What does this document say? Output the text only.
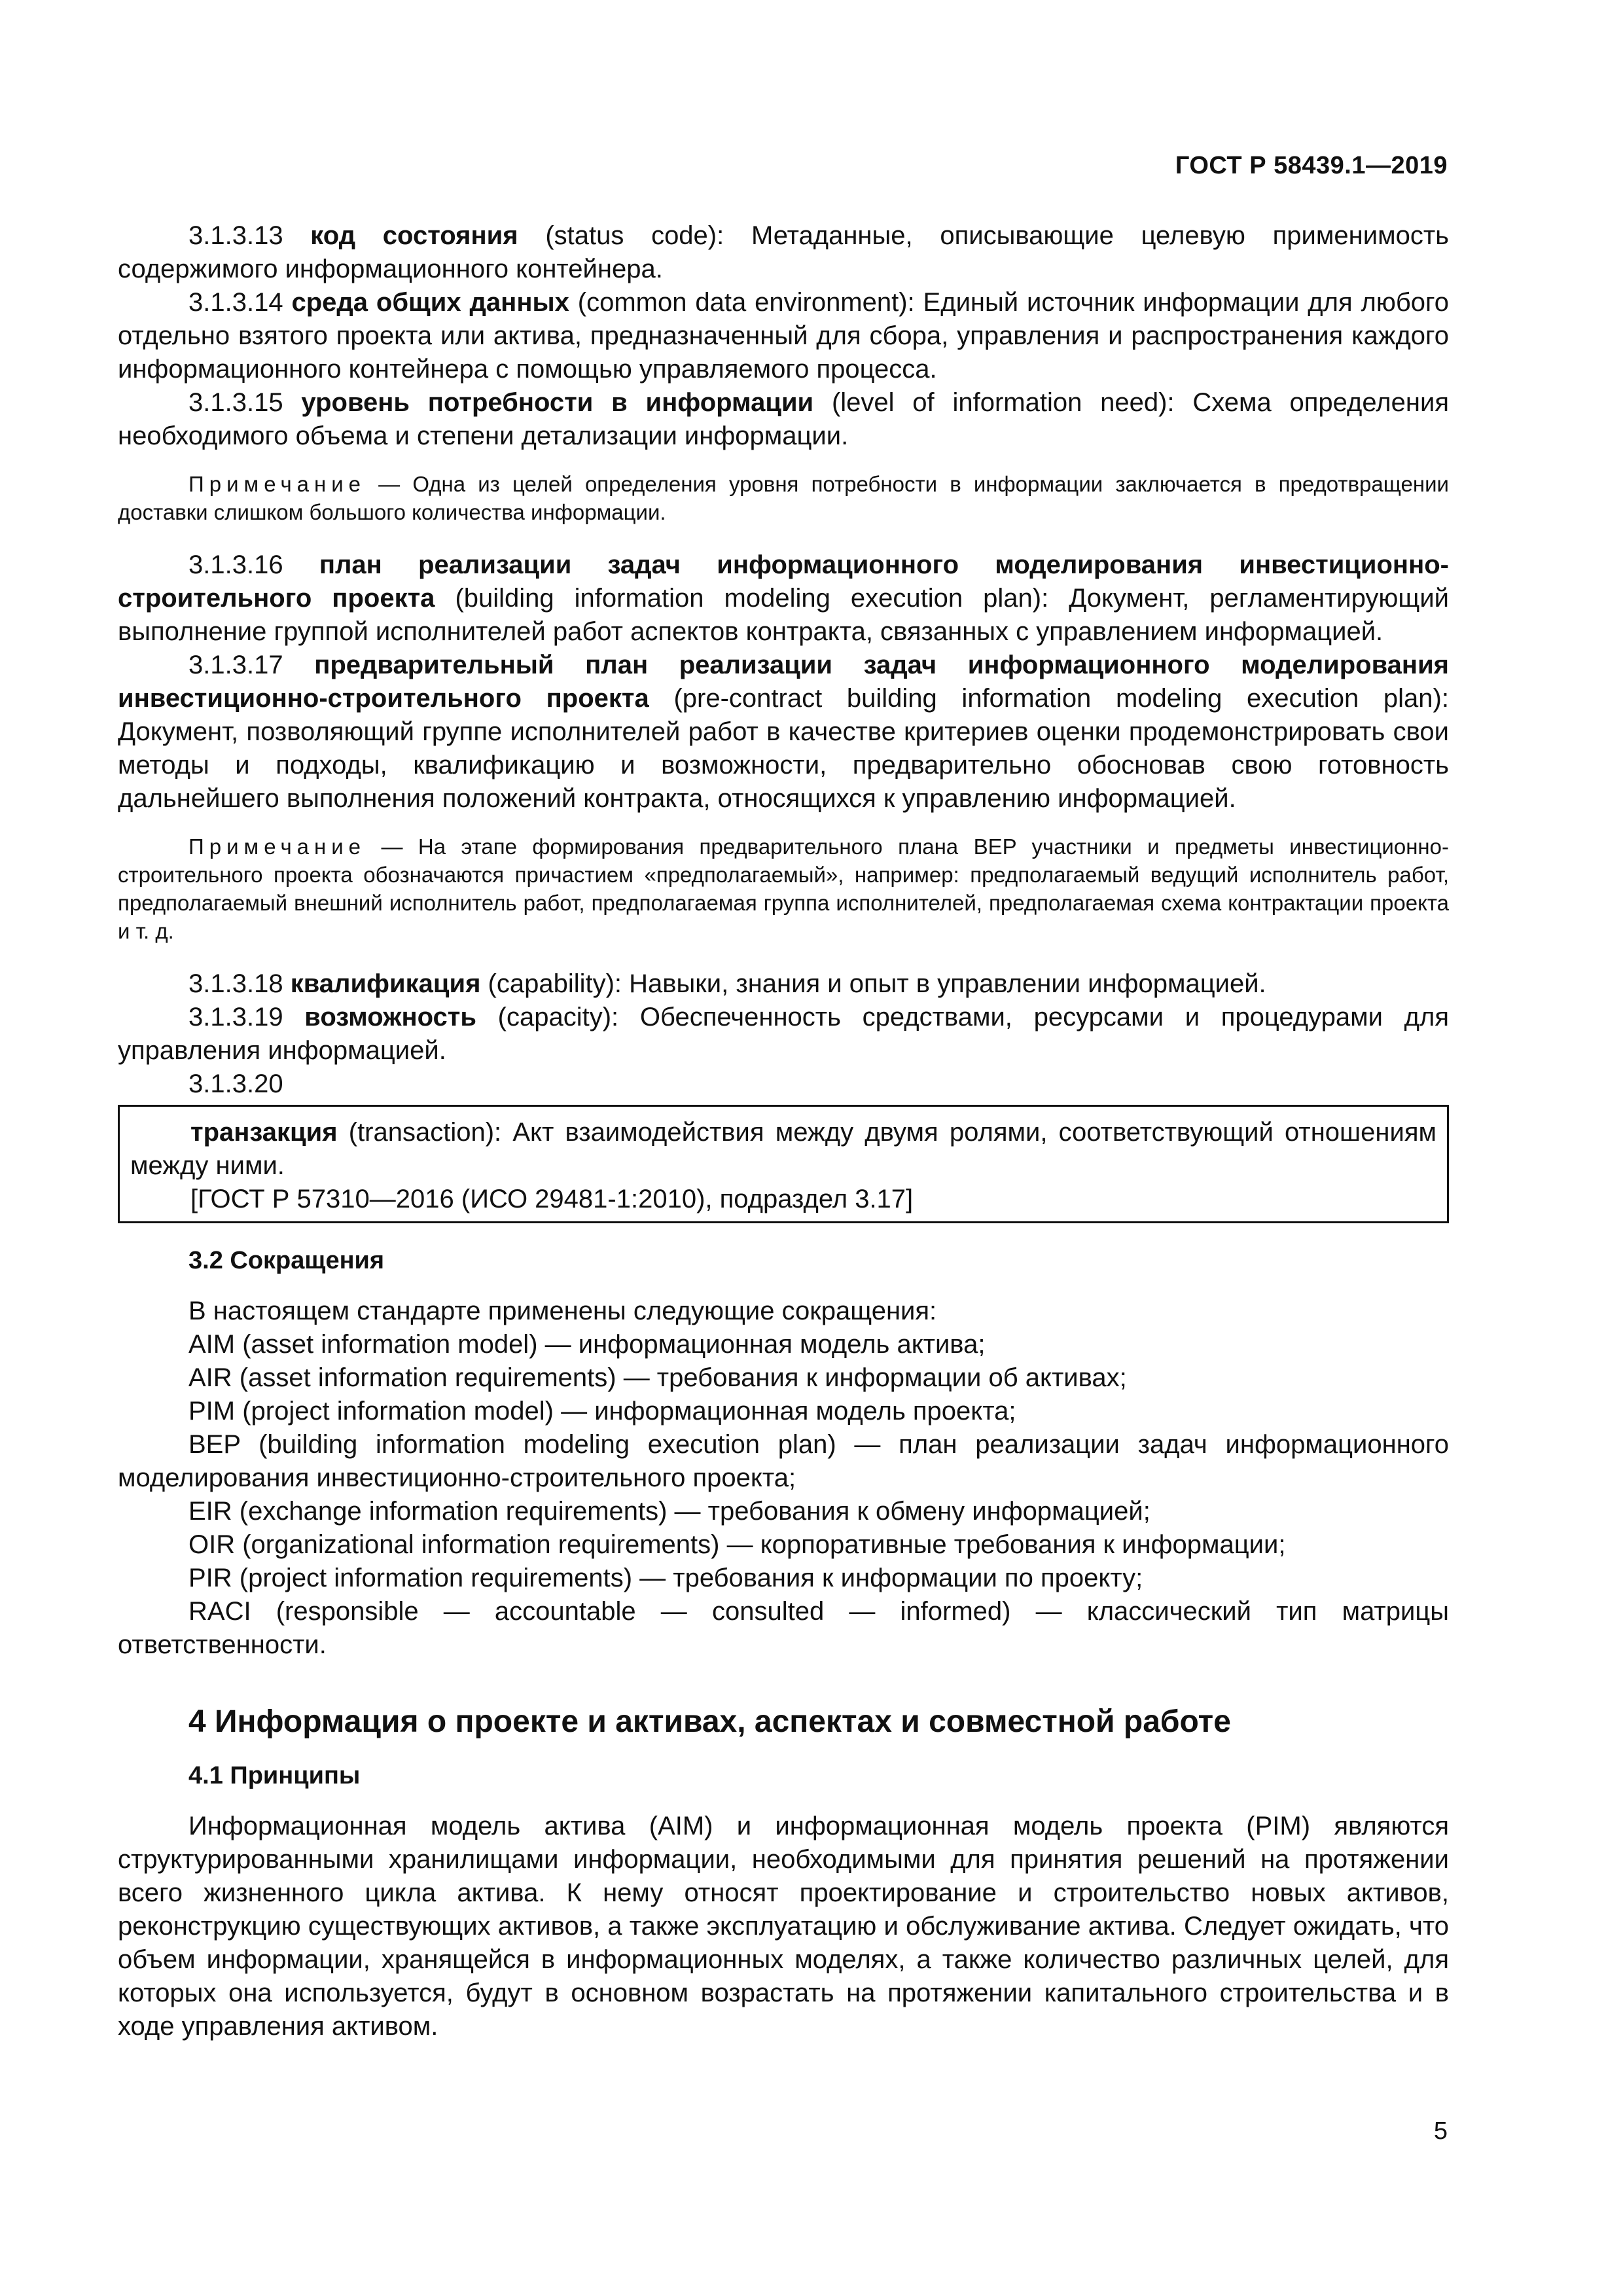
ГОСТ Р 58439.1—2019

3.1.3.13 код состояния (status code): Метаданные, описывающие целевую применимость содержимого информационного контейнера.

3.1.3.14 среда общих данных (common data environment): Единый источник информации для любого отдельно взятого проекта или актива, предназначенный для сбора, управления и распространения каждого информационного контейнера с помощью управляемого процесса.

3.1.3.15 уровень потребности в информации (level of information need): Схема определения необходимого объема и степени детализации информации.

Примечание — Одна из целей определения уровня потребности в информации заключается в предотвращении доставки слишком большого количества информации.

3.1.3.16 план реализации задач информационного моделирования инвестиционно-строительного проекта (building information modeling execution plan): Документ, регламентирующий выполнение группой исполнителей работ аспектов контракта, связанных с управлением информацией.

3.1.3.17 предварительный план реализации задач информационного моделирования инвестиционно-строительного проекта (pre-contract building information modeling execution plan): Документ, позволяющий группе исполнителей работ в качестве критериев оценки продемонстрировать свои методы и подходы, квалификацию и возможности, предварительно обосновав свою готовность дальнейшего выполнения положений контракта, относящихся к управлению информацией.

Примечание — На этапе формирования предварительного плана BEP участники и предметы инвестиционно-строительного проекта обозначаются причастием «предполагаемый», например: предполагаемый ведущий исполнитель работ, предполагаемый внешний исполнитель работ, предполагаемая группа исполнителей, предполагаемая схема контрактации проекта и т. д.

3.1.3.18 квалификация (capability): Навыки, знания и опыт в управлении информацией.

3.1.3.19 возможность (capacity): Обеспеченность средствами, ресурсами и процедурами для управления информацией.

3.1.3.20

транзакция (transaction): Акт взаимодействия между двумя ролями, соответствующий отношениям между ними.

[ГОСТ Р 57310—2016 (ИСО 29481-1:2010), подраздел 3.17]
3.2 Сокращения

В настоящем стандарте применены следующие сокращения:

AIM (asset information model) — информационная модель актива;

AIR (asset information requirements) — требования к информации об активах;

PIM (project information model) — информационная модель проекта;

BEP (building information modeling execution plan) — план реализации задач информационного моделирования инвестиционно-строительного проекта;

EIR (exchange information requirements) — требования к обмену информацией;

OIR (organizational information requirements) — корпоративные требования к информации;

PIR (project information requirements) — требования к информации по проекту;

RACI (responsible — accountable — consulted — informed) — классический тип матрицы ответственности.

4 Информация о проекте и активах, аспектах и совместной работе
4.1 Принципы

Информационная модель актива (AIM) и информационная модель проекта (PIM) являются структурированными хранилищами информации, необходимыми для принятия решений на протяжении всего жизненного цикла актива. К нему относят проектирование и строительство новых активов, реконструкцию существующих активов, а также эксплуатацию и обслуживание актива. Следует ожидать, что объем информации, хранящейся в информационных моделях, а также количество различных целей, для которых она используется, будут в основном возрастать на протяжении капитального строительства и в ходе управления активом.

5
